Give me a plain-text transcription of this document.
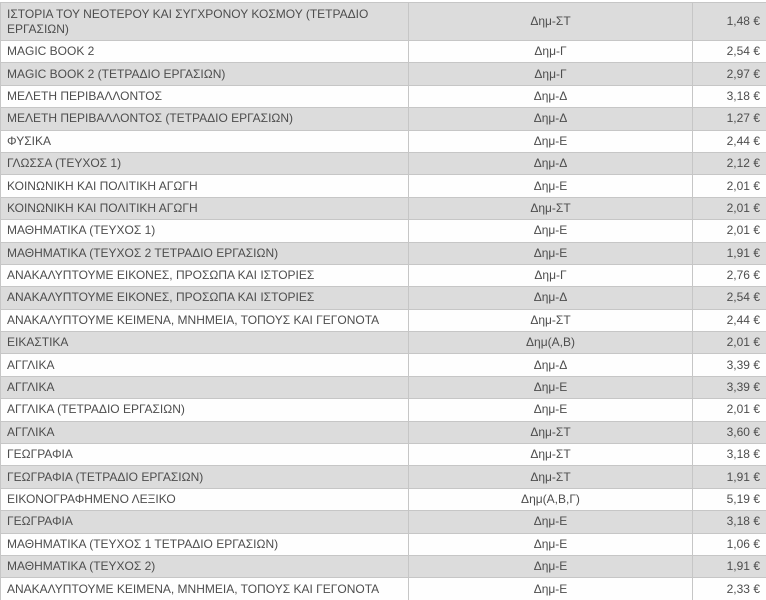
ΙΣΤΟΡΙΑ ΤΟΥ ΝΕΟΤΕΡΟΥ ΚΑΙ ΣΥΓΧΡΟΝΟΥ ΚΟΣΜΟΥ (ΤΕΤΡΑΔΙΟ ΕΡΓΑΣΙΩΝ)	Δημ-ΣΤ	1,48 €
MAGIC BOOK 2	Δημ-Γ	2,54 €
MAGIC BOOK 2 (ΤΕΤΡΑΔΙΟ ΕΡΓΑΣΙΩΝ)	Δημ-Γ	2,97 €
ΜΕΛΕΤΗ ΠΕΡΙΒΑΛΛΟΝΤΟΣ	Δημ-Δ	3,18 €
ΜΕΛΕΤΗ ΠΕΡΙΒΑΛΛΟΝΤΟΣ (ΤΕΤΡΑΔΙΟ ΕΡΓΑΣΙΩΝ)	Δημ-Δ	1,27 €
ΦΥΣΙΚΑ	Δημ-Ε	2,44 €
ΓΛΩΣΣΑ (ΤΕΥΧΟΣ 1)	Δημ-Δ	2,12 €
ΚΟΙΝΩΝΙΚΗ ΚΑΙ ΠΟΛΙΤΙΚΗ ΑΓΩΓΗ	Δημ-Ε	2,01 €
ΚΟΙΝΩΝΙΚΗ ΚΑΙ ΠΟΛΙΤΙΚΗ ΑΓΩΓΗ	Δημ-ΣΤ	2,01 €
ΜΑΘΗΜΑΤΙΚΑ (ΤΕΥΧΟΣ 1)	Δημ-Ε	2,01 €
ΜΑΘΗΜΑΤΙΚΑ (ΤΕΥΧΟΣ 2 ΤΕΤΡΑΔΙΟ ΕΡΓΑΣΙΩΝ)	Δημ-Ε	1,91 €
ΑΝΑΚΑΛΥΠΤΟΥΜΕ ΕΙΚΟΝΕΣ, ΠΡΟΣΩΠΑ ΚΑΙ ΙΣΤΟΡΙΕΣ	Δημ-Γ	2,76 €
ΑΝΑΚΑΛΥΠΤΟΥΜΕ ΕΙΚΟΝΕΣ, ΠΡΟΣΩΠΑ ΚΑΙ ΙΣΤΟΡΙΕΣ	Δημ-Δ	2,54 €
ΑΝΑΚΑΛΥΠΤΟΥΜΕ ΚΕΙΜΕΝΑ, ΜΝΗΜΕΙΑ, ΤΟΠΟΥΣ ΚΑΙ ΓΕΓΟΝΟΤΑ	Δημ-ΣΤ	2,44 €
ΕΙΚΑΣΤΙΚΑ	Δημ(Α,Β)	2,01 €
ΑΓΓΛΙΚΑ	Δημ-Δ	3,39 €
ΑΓΓΛΙΚΑ	Δημ-Ε	3,39 €
ΑΓΓΛΙΚΑ (ΤΕΤΡΑΔΙΟ ΕΡΓΑΣΙΩΝ)	Δημ-Ε	2,01 €
ΑΓΓΛΙΚΑ	Δημ-ΣΤ	3,60 €
ΓΕΩΓΡΑΦΙΑ	Δημ-ΣΤ	3,18 €
ΓΕΩΓΡΑΦΙΑ (ΤΕΤΡΑΔΙΟ ΕΡΓΑΣΙΩΝ)	Δημ-ΣΤ	1,91 €
ΕΙΚΟΝΟΓΡΑΦΗΜΕΝΟ ΛΕΞΙΚΟ	Δημ(Α,Β,Γ)	5,19 €
ΓΕΩΓΡΑΦΙΑ	Δημ-Ε	3,18 €
ΜΑΘΗΜΑΤΙΚΑ (ΤΕΥΧΟΣ 1 ΤΕΤΡΑΔΙΟ ΕΡΓΑΣΙΩΝ)	Δημ-Ε	1,06 €
ΜΑΘΗΜΑΤΙΚΑ (ΤΕΥΧΟΣ 2)	Δημ-Ε	1,91 €
ΑΝΑΚΑΛΥΠΤΟΥΜΕ ΚΕΙΜΕΝΑ, ΜΝΗΜΕΙΑ, ΤΟΠΟΥΣ ΚΑΙ ΓΕΓΟΝΟΤΑ	Δημ-Ε	2,33 €
